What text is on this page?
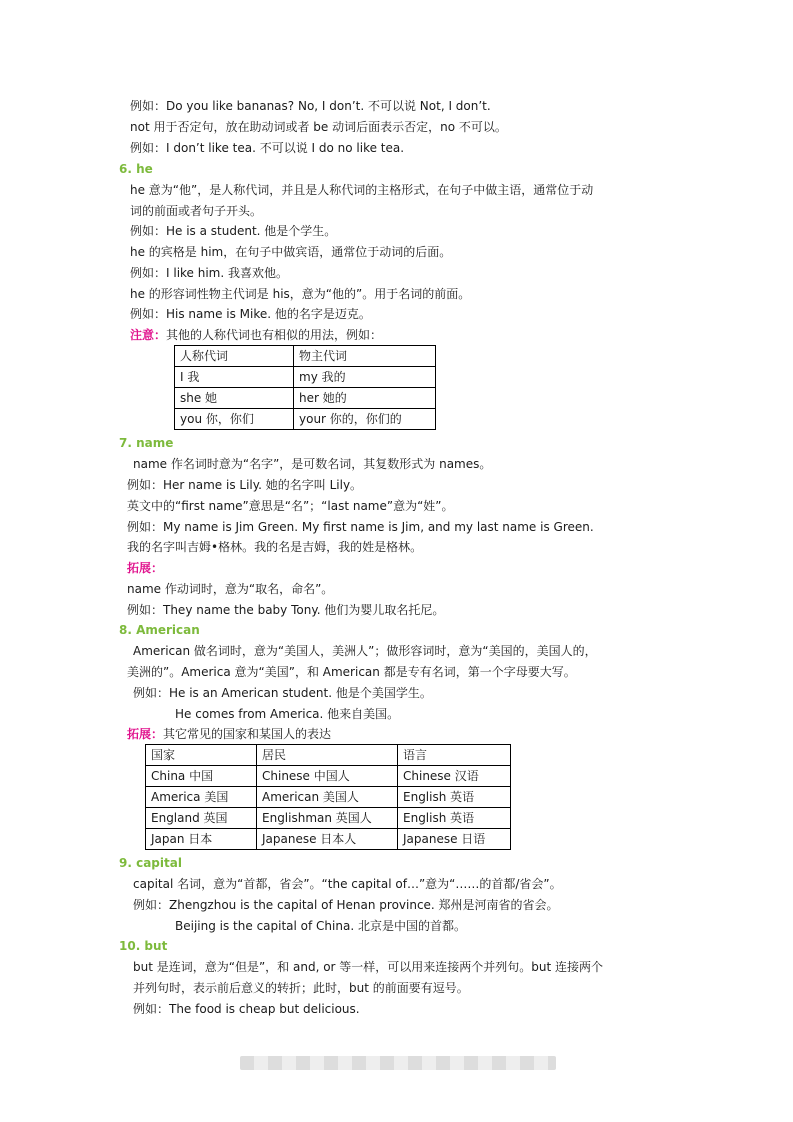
例如：Do you like bananas? No, I don’t. 不可以说 Not, I don’t.
not 用于否定句，放在助动词或者 be 动词后面表示否定，no 不可以。
例如：I don’t like tea. 不可以说 I do no like tea.
6. he
he 意为“他”，是人称代词，并且是人称代词的主格形式，在句子中做主语，通常位于动
词的前面或者句子开头。
例如：He is a student. 他是个学生。
he 的宾格是 him，在句子中做宾语，通常位于动词的后面。
例如：I like him. 我喜欢他。
he 的形容词性物主代词是 his，意为“他的”。用于名词的前面。
例如：His name is Mike. 他的名字是迈克。
注意：其他的人称代词也有相似的用法，例如：
人称代词	物主代词
I 我	my 我的
she 她	her 她的
you 你，你们	your 你的，你们的
7. name
name 作名词时意为“名字”，是可数名词，其复数形式为 names。
例如：Her name is Lily. 她的名字叫 Lily。
英文中的“first name”意思是“名”；“last name”意为“姓”。
例如：My name is Jim Green. My first name is Jim, and my last name is Green.
我的名字叫吉姆•格林。我的名是吉姆，我的姓是格林。
拓展：
name 作动词时，意为“取名，命名”。
例如：They name the baby Tony. 他们为婴儿取名托尼。
8. American
American 做名词时，意为“美国人，美洲人”；做形容词时，意为“美国的，美国人的，
美洲的”。America 意为“美国”，和 American 都是专有名词，第一个字母要大写。
例如：He is an American student. 他是个美国学生。
He comes from America. 他来自美国。
拓展：其它常见的国家和某国人的表达
国家	居民	语言
China 中国	Chinese 中国人	Chinese 汉语
America 美国	American 美国人	English 英语
England 英国	Englishman 英国人	English 英语
Japan 日本	Japanese 日本人	Japanese 日语
9. capital
capital 名词，意为“首都，省会”。“the capital of…”意为“……的首都/省会”。
例如：Zhengzhou is the capital of Henan province. 郑州是河南省的省会。
Beijing is the capital of China. 北京是中国的首都。
10. but
but 是连词，意为“但是”，和 and, or 等一样，可以用来连接两个并列句。but 连接两个
并列句时，表示前后意义的转折；此时，but 的前面要有逗号。
例如：The food is cheap but delicious.
